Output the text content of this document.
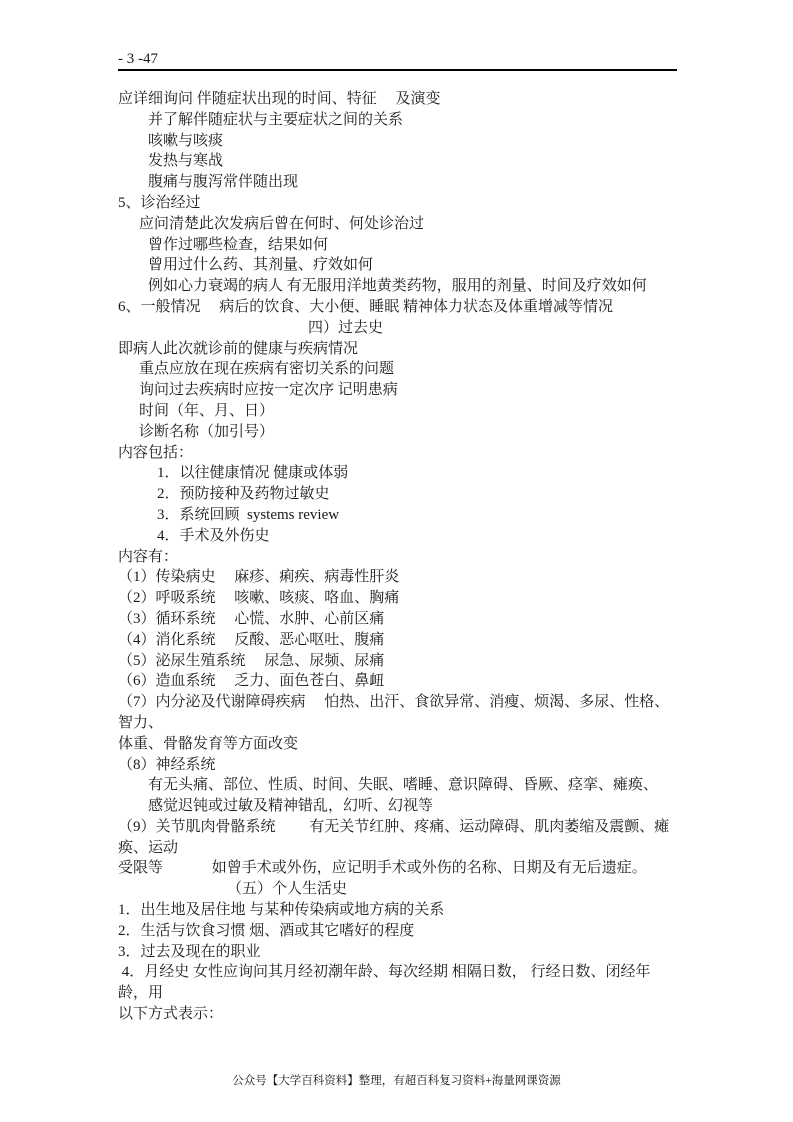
- 3 -47
应详细询问 伴随症状出现的时间、特征　 及演变
并了解伴随症状与主要症状之间的关系
咳嗽与咳痰
发热与寒战
腹痛与腹泻常伴随出现
5、诊治经过
应问清楚此次发病后曾在何时、何处诊治过
曾作过哪些检查，结果如何
曾用过什么药、其剂量、疗效如何
例如心力衰竭的病人 有无服用洋地黄类药物，服用的剂量、时间及疗效如何
6、一般情况　 病后的饮食、大小便、睡眠 精神体力状态及体重增减等情况
四）过去史
即病人此次就诊前的健康与疾病情况
重点应放在现在疾病有密切关系的问题
询问过去疾病时应按一定次序 记明患病
时间（年、月、日）
诊断名称（加引号）
内容包括：
1．以往健康情况 健康或体弱
2．预防接种及药物过敏史
3．系统回顾  systems review
4．手术及外伤史
内容有：
（1）传染病史　 麻疹、痢疾、病毒性肝炎
（2）呼吸系统　 咳嗽、咳痰、咯血、胸痛
（3）循环系统　 心慌、水肿、心前区痛
（4）消化系统　 反酸、恶心呕吐、腹痛
（5）泌尿生殖系统　 尿急、尿频、尿痛
（6）造血系统　 乏力、面色苍白、鼻衄
（7）内分泌及代谢障碍疾病　 怕热、出汗、食欲异常、消瘦、烦渴、多尿、性格、智力、
体重、骨骼发育等方面改变
（8）神经系统
有无头痛、部位、性质、时间、失眠、嗜睡、意识障碍、昏厥、痉挛、瘫痪、
感觉迟钝或过敏及精神错乱，幻听、幻视等
（9）关节肌肉骨骼系统　　 有无关节红肿、疼痛、运动障碍、肌肉萎缩及震颤、瘫痪、运动
受限等　　　 如曾手术或外伤，应记明手术或外伤的名称、日期及有无后遗症。
（五）个人生活史
1．出生地及居住地 与某种传染病或地方病的关系
2．生活与饮食习惯 烟、酒或其它嗜好的程度
3．过去及现在的职业
4．月经史 女性应询问其月经初潮年龄、每次经期 相隔日数， 行经日数、闭经年龄，用
以下方式表示：
公众号【大学百科资料】整理，有超百科复习资料+海量网课资源
